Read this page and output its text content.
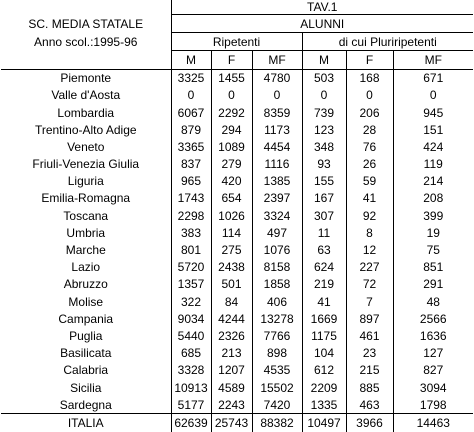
	TAV.1					
SC. MEDIA STATALE	ALUNNI					
Anno scol.:1995-96	Ripetenti			di cui Pluriripetenti		
	M	F	MF	M	F	MF
Piemonte	3325	1455	4780	503	168	671
Valle d'Aosta	0	0	0	0	0	0
Lombardia	6067	2292	8359	739	206	945
Trentino-Alto Adige	879	294	1173	123	28	151
Veneto	3365	1089	4454	348	76	424
Friuli-Venezia Giulia	837	279	1116	93	26	119
Liguria	965	420	1385	155	59	214
Emilia-Romagna	1743	654	2397	167	41	208
Toscana	2298	1026	3324	307	92	399
Umbria	383	114	497	11	8	19
Marche	801	275	1076	63	12	75
Lazio	5720	2438	8158	624	227	851
Abruzzo	1357	501	1858	219	72	291
Molise	322	84	406	41	7	48
Campania	9034	4244	13278	1669	897	2566
Puglia	5440	2326	7766	1175	461	1636
Basilicata	685	213	898	104	23	127
Calabria	3328	1207	4535	612	215	827
Sicilia	10913	4589	15502	2209	885	3094
Sardegna	5177	2243	7420	1335	463	1798
ITALIA	62639	25743	88382	10497	3966	14463
